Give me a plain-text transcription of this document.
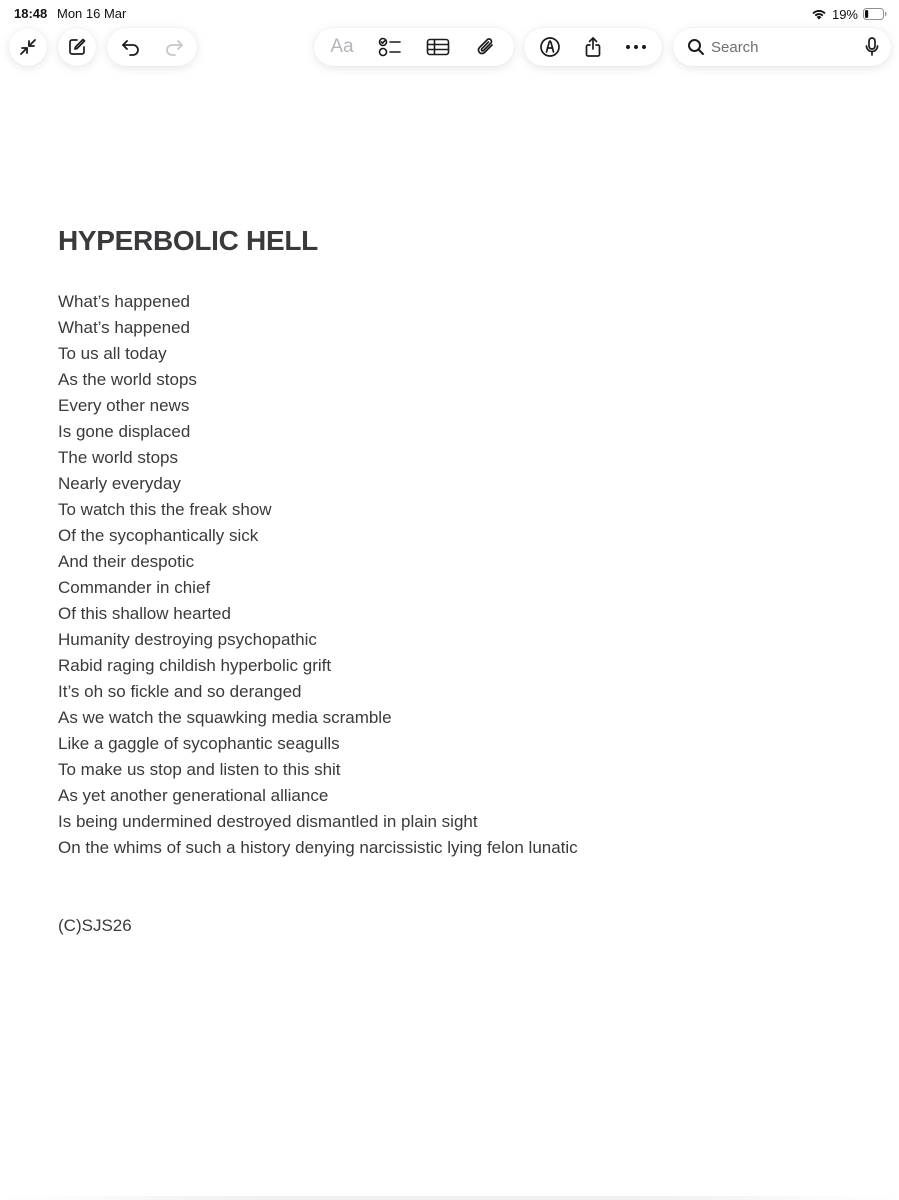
18:48 Mon 16 Mar	19%
Aa
Search
HYPERBOLIC HELL
What’s happened
What’s happened
To us all today
As the world stops
Every other news
Is gone displaced
The world stops
Nearly everyday
To watch this the freak show
Of the sycophantically sick
And their despotic
Commander in chief
Of this shallow hearted
Humanity destroying psychopathic
Rabid raging childish hyperbolic grift
It’s oh so fickle and so deranged
As we watch the squawking media scramble
Like a gaggle of sycophantic seagulls
To make us stop and listen to this shit
As yet another generational alliance
Is being undermined destroyed dismantled in plain sight
On the whims of such a history denying narcissistic lying felon lunatic
(C)SJS26
